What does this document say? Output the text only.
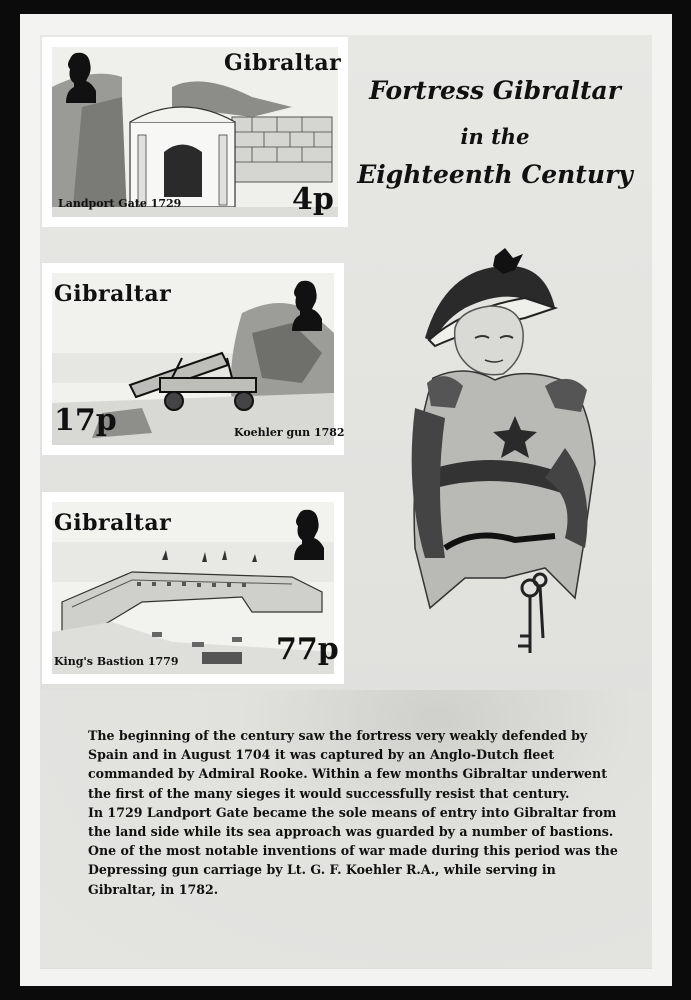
Gibraltar
4p
Landport Gate 1729
Gibraltar
17p	Koehler gun 1782
Gibraltar
77p
King's Bastion 1779
Fortress Gibraltar
in the
Eighteenth Century

The beginning of the century saw the fortress very weakly defended by Spain and in August 1704 it was captured by an Anglo-Dutch fleet commanded by Admiral Rooke. Within a few months Gibraltar underwent the first of the many sieges it would successfully resist that century.

In 1729 Landport Gate became the sole means of entry into Gibraltar from the land side while its sea approach was guarded by a number of bastions. One of the most notable inventions of war made during this period was the Depressing gun carriage by Lt. G. F. Koehler R.A., while serving in Gibraltar, in 1782.
